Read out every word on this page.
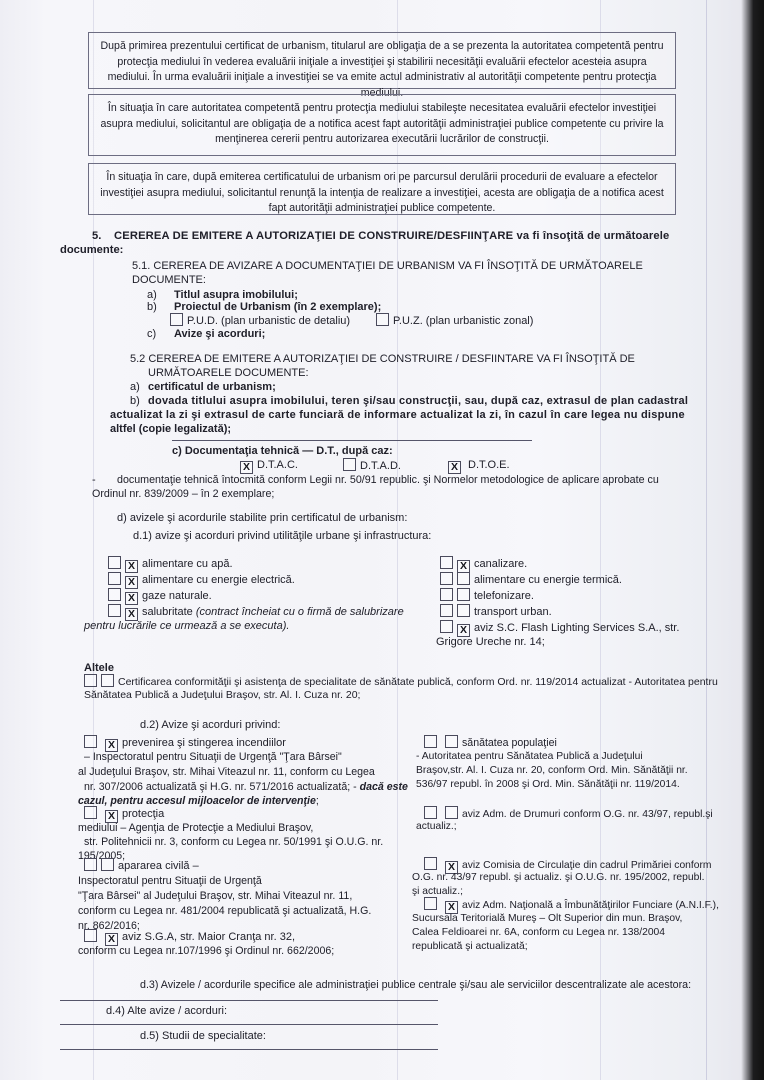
După primirea prezentului certificat de urbanism, titularul are obligaţia de a se prezenta la autoritatea competentă pentru protecţia mediului în vederea evaluării iniţiale a investiţiei şi stabilirii necesităţii evaluării efectelor acesteia asupra mediului. În urma evaluării iniţiale a investiţiei se va emite actul administrativ al autorităţii competente pentru protecţia mediului.

În situaţia în care autoritatea competentă pentru protecţia mediului stabileşte necesitatea evaluării efectelor investiţiei asupra mediului, solicitantul are obligaţia de a notifica acest fapt autorităţii administraţiei publice competente cu privire la menţinerea cererii pentru autorizarea executării lucrărilor de construcţii.

În situaţia în care, după emiterea certificatului de urbanism ori pe parcursul derulării procedurii de evaluare a efectelor investiţiei asupra mediului, solicitantul renunţă la intenţia de realizare a investiţiei, acesta are obligaţia de a notifica acest fapt autorităţii administraţiei publice competente.

5. CEREREA DE EMITERE A AUTORIZAŢIEI DE CONSTRUIRE/DESFIINŢARE va fi însoţită de următoarele
documente:
5.1. CEREREA DE AVIZARE A DOCUMENTAŢIEI DE URBANISM VA FI ÎNSOŢITĂ DE URMĂTOARELE
DOCUMENTE:
a) Titlul asupra imobilului;
b) Proiectul de Urbanism (în 2 exemplare);
P.U.D. (plan urbanistic de detaliu)	P.U.Z. (plan urbanistic zonal)
c) Avize şi acorduri;
5.2 CEREREA DE EMITERE A AUTORIZAŢIEI DE CONSTRUIRE / DESFIINTARE VA FI ÎNSOŢITĂ DE
URMĂTOARELE DOCUMENTE:
a) certificatul de urbanism;
b) dovada titlului asupra imobilului, teren şi/sau construcţii, sau, după caz, extrasul de plan cadastral
actualizat la zi şi extrasul de carte funciară de informare actualizat la zi, în cazul în care legea nu dispune
altfel (copie legalizată);
c) Documentaţia tehnică — D.T., după caz:
X D.T.A.C.	D.T.A.D.	X D.T.O.E.
- documentaţie tehnică întocmită conform Legii nr. 50/91 republic. şi Normelor metodologice de aplicare aprobate cu
Ordinul nr. 839/2009 – în 2 exemplare;
d) avizele şi acordurile stabilite prin certificatul de urbanism:
d.1) avize şi acorduri privind utilităţile urbane şi infrastructura:
X alimentare cu apă.
X alimentare cu energie electrică.
X gaze naturale.
X salubritate (contract încheiat cu o firmă de salubrizare
pentru lucrările ce urmează a se executa).
X canalizare.
alimentare cu energie termică.
telefonizare.
transport urban.
X aviz S.C. Flash Lighting Services S.A., str.
Grigore Ureche nr. 14;
Altele
Certificarea conformităţii şi asistenţa de specialitate de sănătate publică, conform Ord. nr. 119/2014 actualizat - Autoritatea pentru
Sănătatea Publică a Judeţului Braşov, str. Al. I. Cuza nr. 20;
d.2) Avize şi acorduri privind:
X prevenirea şi stingerea incendiilor
– Inspectoratul pentru Situaţii de Urgenţă "Ţara Bârsei"
al Judeţului Braşov, str. Mihai Viteazul nr. 11, conform cu Legea
nr. 307/2006 actualizată şi H.G. nr. 571/2016 actualizată; - dacă este
cazul, pentru accesul mijloacelor de intervenţie;
X protecţia
mediului – Agenţia de Protecţie a Mediului Braşov,
str. Politehnicii nr. 3, conform cu Legea nr. 50/1991 şi O.U.G. nr.
195/2005;
apararea civilă –
Inspectoratul pentru Situaţii de Urgenţă
"Ţara Bârsei" al Judeţului Braşov, str. Mihai Viteazul nr. 11,
conform cu Legea nr. 481/2004 republicată şi actualizată, H.G.
nr. 862/2016;
X aviz S.G.A, str. Maior Cranţa nr. 32,
conform cu Legea nr.107/1996 şi Ordinul nr. 662/2006;
sănătatea populaţiei
- Autoritatea pentru Sănătatea Publică a Judeţului
Braşov,str. Al. I. Cuza nr. 20, conform Ord. Min. Sănătăţii nr.
536/97 republ. în 2008 şi Ord. Min. Sănătăţii nr. 119/2014.
aviz Adm. de Drumuri conform O.G. nr. 43/97, republ.şi
actualiz.;
X aviz Comisia de Circulaţie din cadrul Primăriei conform
O.G. nr. 43/97 republ. şi actualiz. şi O.U.G. nr. 195/2002, republ.
şi actualiz.;
X aviz Adm. Naţională a Îmbunătăţirilor Funciare (A.N.I.F.),
Sucursala Teritorială Mureş – Olt Superior din mun. Braşov,
Calea Feldioarei nr. 6A, conform cu Legea nr. 138/2004
republicată şi actualizată;
d.3) Avizele / acordurile specifice ale administraţiei publice centrale şi/sau ale serviciilor descentralizate ale acestora:
d.4) Alte avize / acorduri:
d.5) Studii de specialitate:
